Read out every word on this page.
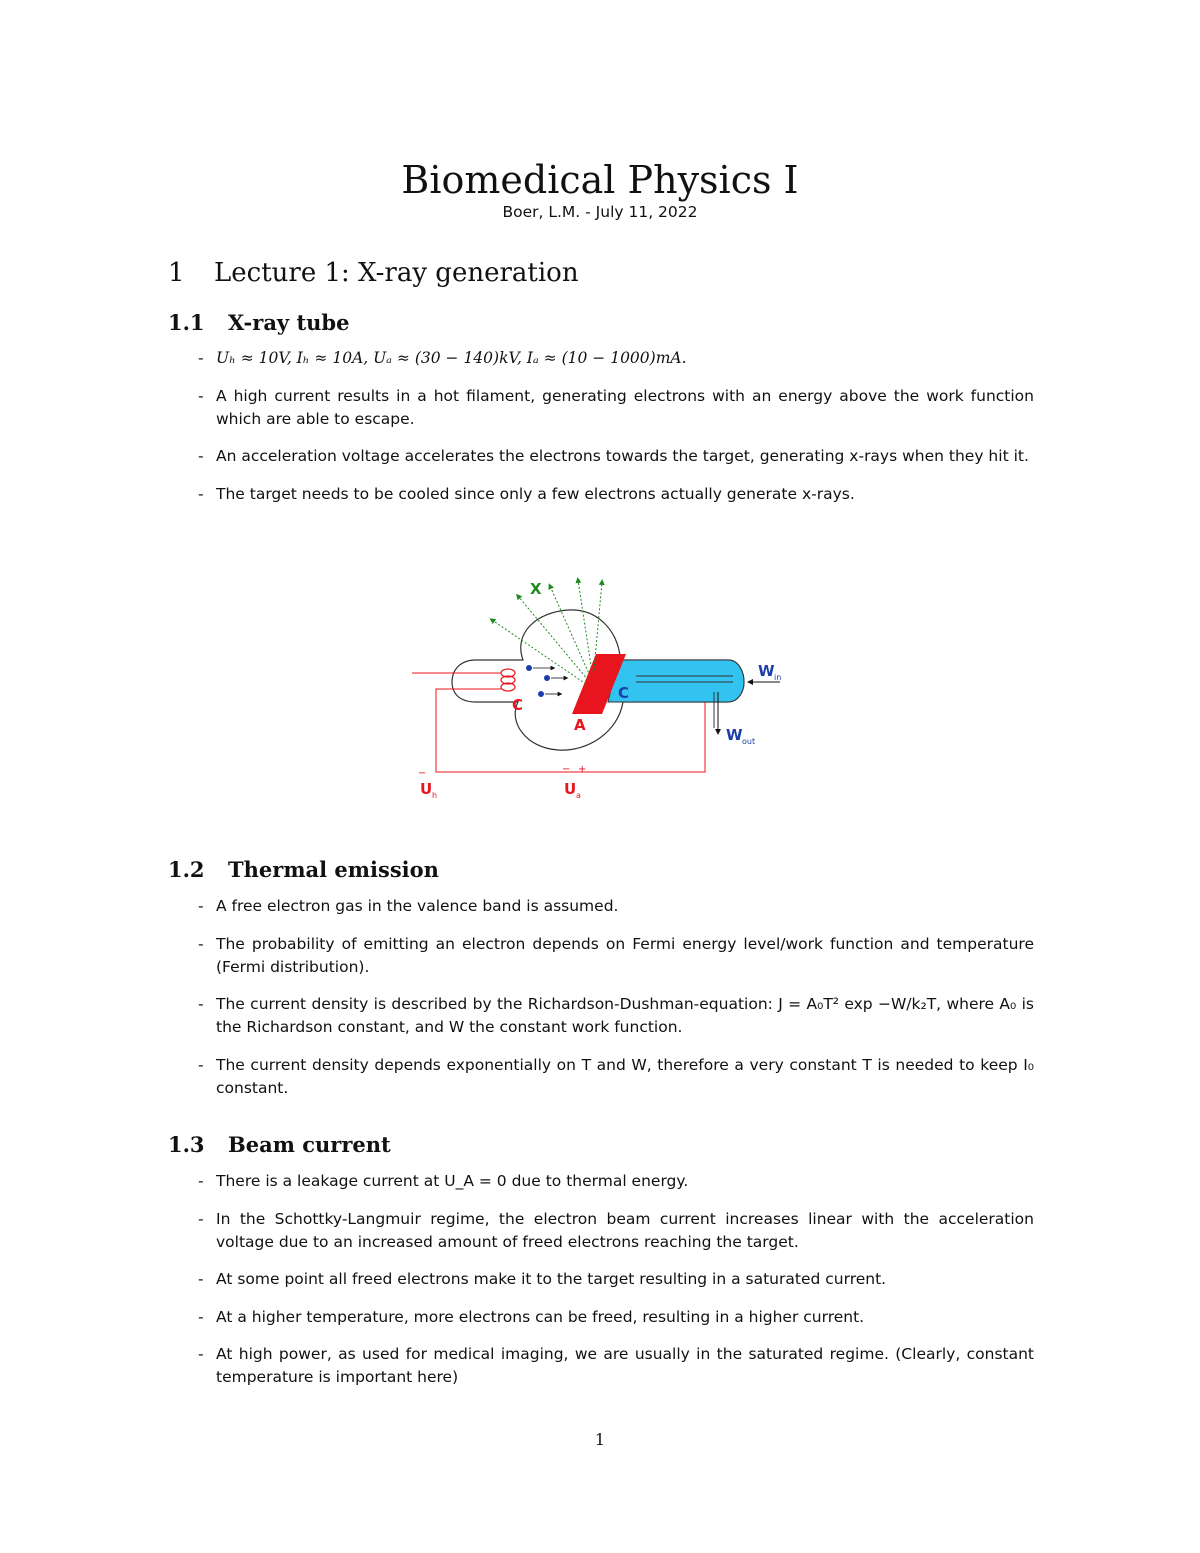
Biomedical Physics I

Boer, L.M. - July 11, 2022

1 Lecture 1: X-ray generation
1.1 X-ray tube
- Uₕ ≈ 10V, Iₕ ≈ 10A, Uₐ ≈ (30 − 140)kV, Iₐ ≈ (10 − 1000)mA.
- A high current results in a hot filament, generating electrons with an energy above the work function which are able to escape.
- An acceleration voltage accelerates the electrons towards the target, generating x-rays when they hit it.
- The target needs to be cooled since only a few electrons actually generate x-rays.
X
C
A
C
W in
W out
U h	U a
−	− +
1.2 Thermal emission
- A free electron gas in the valence band is assumed.
- The probability of emitting an electron depends on Fermi energy level/work function and temperature (Fermi distribution).
- The current density is described by the Richardson-Dushman-equation: J = A₀T² exp −W/k₂T, where A₀ is the Richardson constant, and W the constant work function.
- The current density depends exponentially on T and W, therefore a very constant T is needed to keep I₀ constant.
1.3 Beam current
- There is a leakage current at U_A = 0 due to thermal energy.
- In the Schottky-Langmuir regime, the electron beam current increases linear with the acceleration voltage due to an increased amount of freed electrons reaching the target.
- At some point all freed electrons make it to the target resulting in a saturated current.
- At a higher temperature, more electrons can be freed, resulting in a higher current.
- At high power, as used for medical imaging, we are usually in the saturated regime. (Clearly, constant temperature is important here)

1
